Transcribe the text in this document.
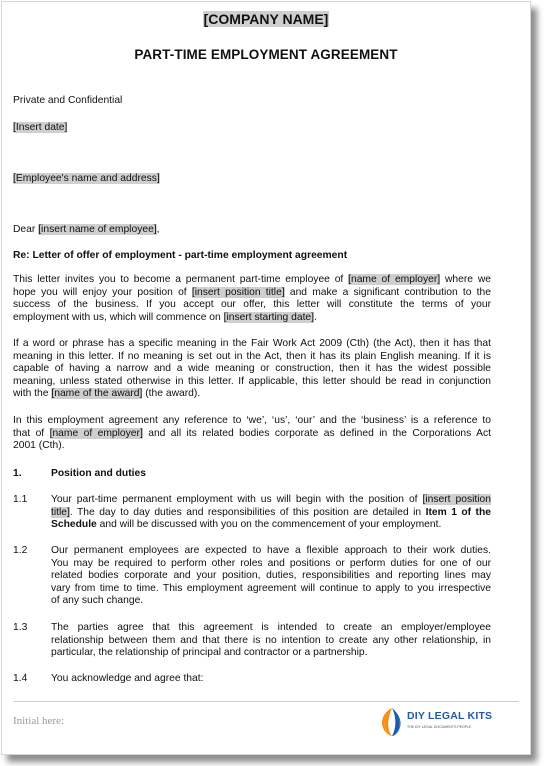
[COMPANY NAME]
PART-TIME EMPLOYMENT AGREEMENT
Private and Confidential
[Insert date]
[Employee's name and address]
Dear [insert name of employee],
Re: Letter of offer of employment - part-time employment agreement
This letter invites you to become a permanent part-time employee of [name of employer] where we
hope you will enjoy your position of [insert position title] and make a significant contribution to the
success of the business. If you accept our offer, this letter will constitute the terms of your
employment with us, which will commence on [insert starting date].
If a word or phrase has a specific meaning in the Fair Work Act 2009 (Cth) (the Act), then it has that
meaning in this letter. If no meaning is set out in the Act, then it has its plain English meaning. If it is
capable of having a narrow and a wide meaning or construction, then it has the widest possible
meaning, unless stated otherwise in this letter. If applicable, this letter should be read in conjunction
with the [name of the award] (the award).
In this employment agreement any reference to ‘we’, ‘us’, ‘our’ and the ‘business’ is a reference to
that of [name of employer] and all its related bodies corporate as defined in the Corporations Act
2001 (Cth).
1.	Position and duties
1.1 Your part-time permanent employment with us will begin with the position of [insert position
title]. The day to day duties and responsibilities of this position are detailed in Item 1 of the
Schedule and will be discussed with you on the commencement of your employment.
1.2 Our permanent employees are expected to have a flexible approach to their work duties.
You may be required to perform other roles and positions or perform duties for one of our
related bodies corporate and your position, duties, responsibilities and reporting lines may
vary from time to time. This employment agreement will continue to apply to you irrespective
of any such change.
1.3 The parties agree that this agreement is intended to create an employer/employee
relationship between them and that there is no intention to create any other relationship, in
particular, the relationship of principal and contractor or a partnership.
1.4 You acknowledge and agree that:
Initial here:	DIY LEGAL KITS
THE DIY LEGAL DOCUMENTS PEOPLE
